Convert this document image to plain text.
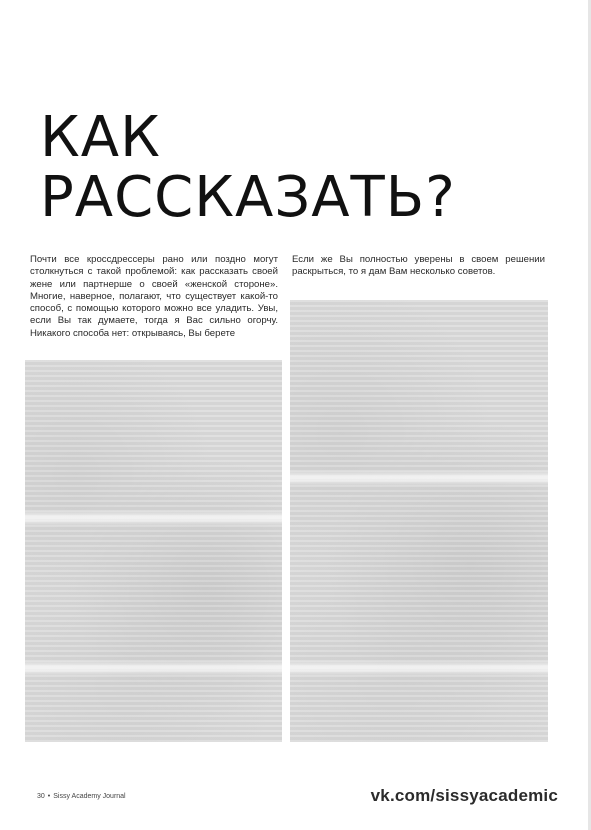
КАК
РАССКАЗАТЬ?
Почти все кроссдрессеры рано или поздно могут столкнуться с такой проблемой: как рассказать своей жене или партнерше о своей «женской стороне». Многие, наверное, полагают, что существует какой-то способ, с помощью которого можно все уладить. Увы, если Вы так думаете, тогда я Вас сильно огорчу. Никакого способа нет: открываясь, Вы берете
Если же Вы полностью уверены в своем решении раскрыться, то я дам Вам несколько советов.
30 • Sissy Academy Journal	vk.com/sissyacademic
